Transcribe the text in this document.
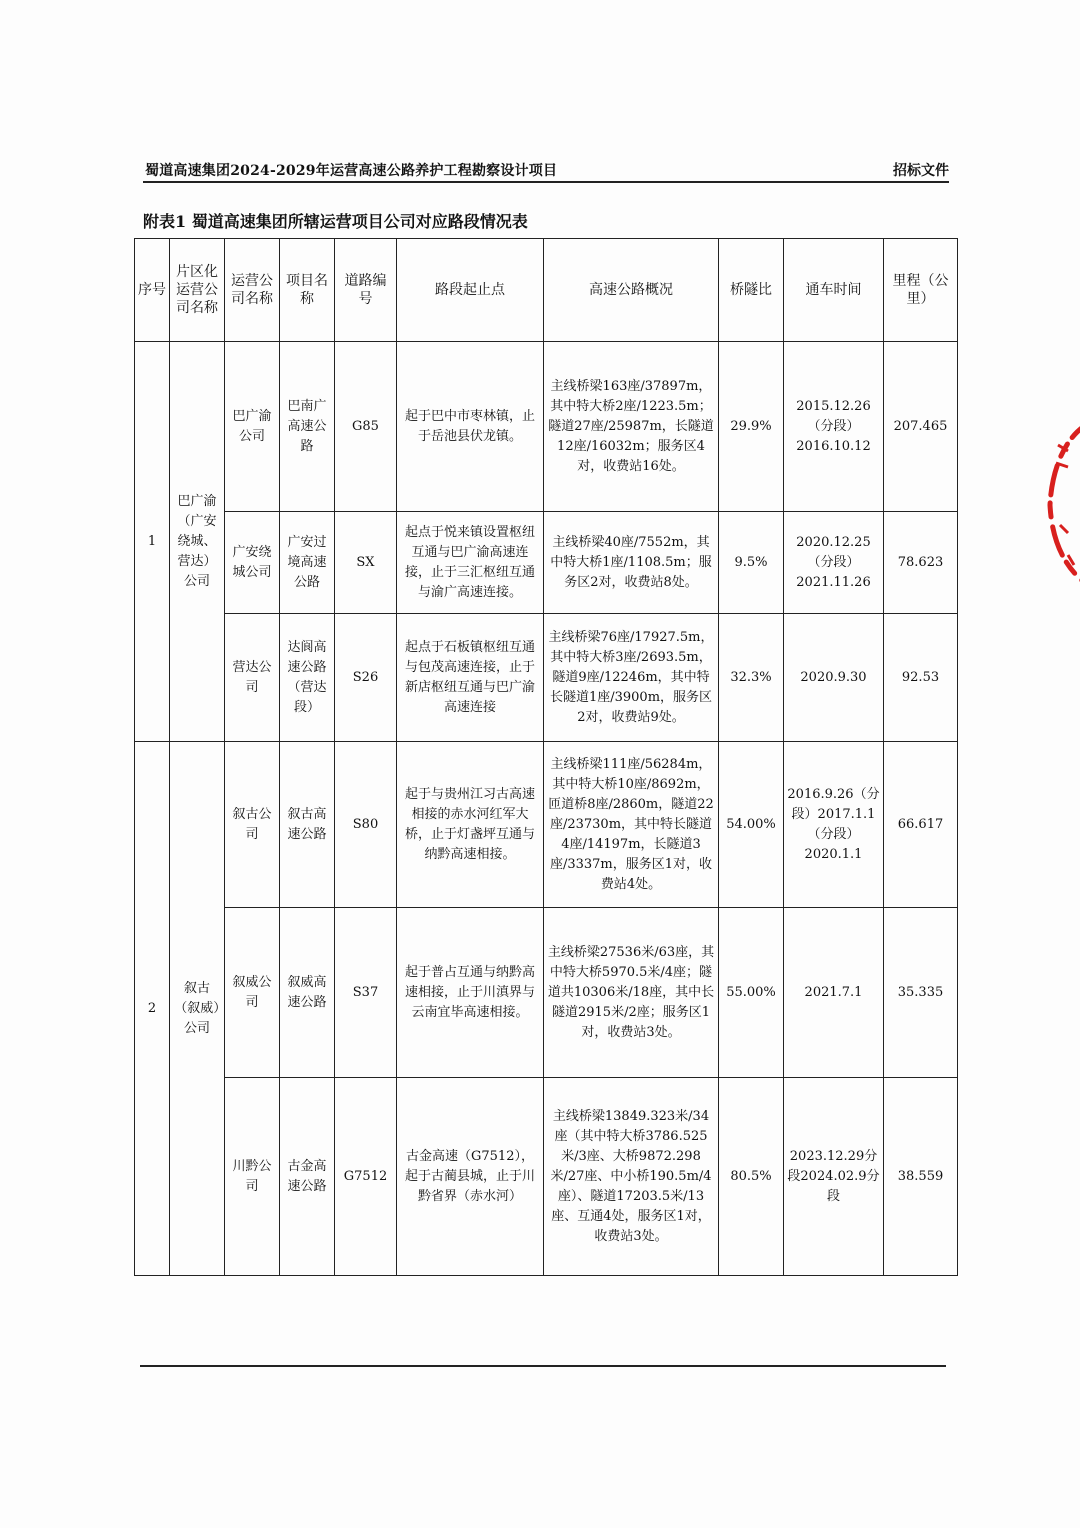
蜀道高速集团2024-2029年运营高速公路养护工程勘察设计项目	招标文件
附表1 蜀道高速集团所辖运营项目公司对应路段情况表
序号	片区化运营公司名称	运营公司名称	项目名称	道路编号	路段起止点	高速公路概况	桥隧比	通车时间	里程（公里）
1	巴广渝（广安绕城、营达）公司	巴广渝公司	巴南广高速公路	G85	起于巴中市枣林镇，止于岳池县伏龙镇。	主线桥梁163座/37897m，其中特大桥2座/1223.5m；隧道27座/25987m，长隧道12座/16032m；服务区4对，收费站16处。	29.9%	2015.12.26（分段）2016.10.12	207.465
		广安绕城公司	广安过境高速公路	SX	起点于悦来镇设置枢纽互通与巴广渝高速连接，止于三汇枢纽互通与渝广高速连接。	主线桥梁40座/7552m，其中特大桥1座/1108.5m；服务区2对，收费站8处。	9.5%	2020.12.25（分段）2021.11.26	78.623
		营达公司	达阆高速公路（营达段）	S26	起点于石板镇枢纽互通与包茂高速连接，止于新店枢纽互通与巴广渝高速连接	主线桥梁76座/17927.5m，其中特大桥3座/2693.5m，隧道9座/12246m，其中特长隧道1座/3900m，服务区2对，收费站9处。	32.3%	2020.9.30	92.53
2	叙古（叙威）公司	叙古公司	叙古高速公路	S80	起于与贵州江习古高速相接的赤水河红军大桥，止于灯盏坪互通与纳黔高速相接。	主线桥梁111座/56284m，其中特大桥10座/8692m，匝道桥8座/2860m，隧道22座/23730m，其中特长隧道4座/14197m，长隧道3座/3337m，服务区1对，收费站4处。	54.00%	2016.9.26（分段）2017.1.1（分段）2020.1.1	66.617
		叙威公司	叙威高速公路	S37	起于普占互通与纳黔高速相接，止于川滇界与云南宜毕高速相接。	主线桥梁27536米/63座，其中特大桥5970.5米/4座；隧道共10306米/18座，其中长隧道2915米/2座；服务区1对，收费站3处。	55.00%	2021.7.1	35.335
		川黔公司	古金高速公路	G7512	古金高速（G7512），起于古蔺县城，止于川黔省界（赤水河）	主线桥梁13849.323米/34座（其中特大桥3786.525米/3座、大桥9872.298米/27座、中小桥190.5m/4座）、隧道17203.5米/13座、互通4处，服务区1对，收费站3处。	80.5%	2023.12.29分段2024.02.9分段	38.559
